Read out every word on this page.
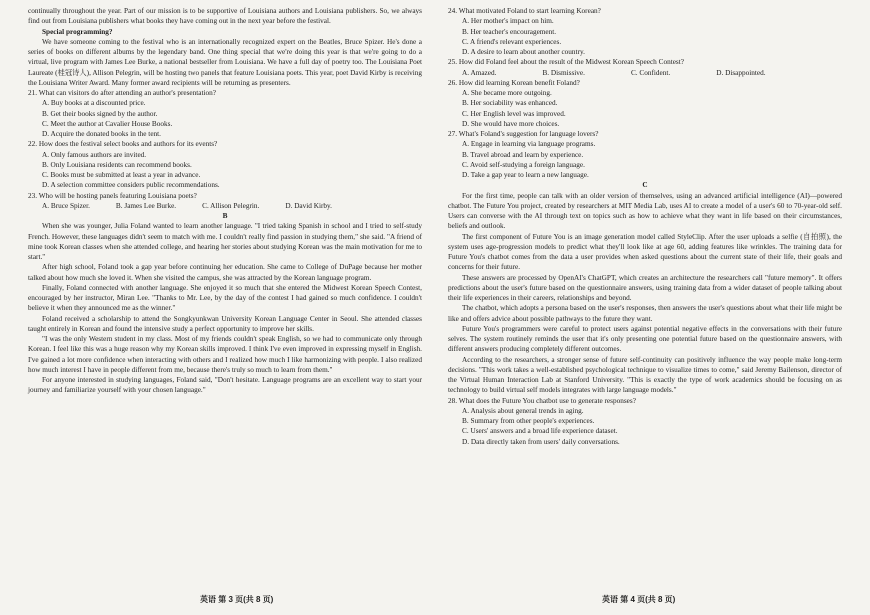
continually throughout the year. Part of our mission is to be supportive of Louisiana authors and Louisiana publishers. So, we always find out from Louisiana publishers what books they have coming out in the next year before the festival.

Special programming?

We have someone coming to the festival who is an internationally recognized expert on the Beatles, Bruce Spizer. He's done a series of books on different albums by the legendary band. One thing special that we're doing this year is that we're going to do a virtual, live program with James Lee Burke, a national bestseller from Louisiana. We have a full day of poetry too. The Louisiana Poet Laureate (桂冠诗人), Allison Pelegrin, will be hosting two panels that feature Louisiana poets. This year, poet David Kirby is receiving the Louisiana Writer Award. Many former award recipients will be returning as presenters.

21. What can visitors do after attending an author's presentation?

A. Buy books at a discounted price.

B. Get their books signed by the author.

C. Meet the author at Cavalier House Books.

D. Acquire the donated books in the tent.

22. How does the festival select books and authors for its events?

A. Only famous authors are invited.

B. Only Louisiana residents can recommend books.

C. Books must be submitted at least a year in advance.

D. A selection committee considers public recommendations.

23. Who will be hosting panels featuring Louisiana poets?

A. Bruce Spizer.	B. James Lee Burke.	C. Allison Pelegrin.	D. David Kirby.

B

When she was younger, Julia Foland wanted to learn another language. "I tried taking Spanish in school and I tried to self-study French. However, these languages didn't seem to match with me. I couldn't really find passion in studying them," she said. "A friend of mine took Korean classes when she attended college, and hearing her stories about studying Korean was the main motivation for me to start."

After high school, Foland took a gap year before continuing her education. She came to College of DuPage because her mother talked about how much she loved it. When she visited the campus, she was attracted by the Korean language program.

Finally, Foland connected with another language. She enjoyed it so much that she entered the Midwest Korean Speech Contest, encouraged by her instructor, Miran Lee. "Thanks to Mr. Lee, by the day of the contest I had gained so much confidence. I couldn't believe it when they announced me as the winner."

Foland received a scholarship to attend the Songkyunkwan University Korean Language Center in Seoul. She attended classes taught entirely in Korean and found the intensive study a perfect opportunity to improve her skills.

"I was the only Western student in my class. Most of my friends couldn't speak English, so we had to communicate only through Korean. I feel like this was a huge reason why my Korean skills improved. I think I've even improved in expressing myself in English. I've gained a lot more confidence when interacting with others and I realized how much I like harmonizing with people. I also realized how much interest I have in people different from me, because there's truly so much to learn from them."

For anyone interested in studying languages, Foland said, "Don't hesitate. Language programs are an excellent way to start your journey and familiarize yourself with your chosen language."

24. What motivated Foland to start learning Korean?

A. Her mother's impact on him.

B. Her teacher's encouragement.

C. A friend's relevant experiences.

D. A desire to learn about another country.

25. How did Foland feel about the result of the Midwest Korean Speech Contest?

A. Amazed.	B. Dismissive.	C. Confident.	D. Disappointed.

26. How did learning Korean benefit Foland?

A. She became more outgoing.

B. Her sociability was enhanced.

C. Her English level was improved.

D. She would have more choices.

27. What's Foland's suggestion for language lovers?

A. Engage in learning via language programs.

B. Travel abroad and learn by experience.

C. Avoid self-studying a foreign language.

D. Take a gap year to learn a new language.

C

For the first time, people can talk with an older version of themselves, using an advanced artificial intelligence (AI)—powered chatbot. The Future You project, created by researchers at MIT Media Lab, uses AI to create a model of a user's 60 to 70-year-old self. Users can converse with the AI through text on topics such as how to achieve what they want in life based on their circumstances, beliefs and outlook.

The first component of Future You is an image generation model called StyleClip. After the user uploads a selfie (自拍照), the system uses age-progression models to predict what they'll look like at age 60, adding features like wrinkles. The training data for Future You's chatbot comes from the data a user provides when asked questions about the current state of their life, their goals and concerns for their future.

These answers are processed by OpenAI's ChatGPT, which creates an architecture the researchers call "future memory". It offers predictions about the user's future based on the questionnaire answers, using training data from a wider dataset of people talking about their life experiences in their careers, relationships and beyond.

The chatbot, which adopts a persona based on the user's responses, then answers the user's questions about what their life might be like and offers advice about possible pathways to the future they want.

Future You's programmers were careful to protect users against potential negative effects in the conversations with their future selves. The system routinely reminds the user that it's only presenting one potential future based on the questionnaire answers, with different answers producing completely different outcomes.

According to the researchers, a stronger sense of future self-continuity can positively influence the way people make long-term decisions. "This work takes a well-established psychological technique to visualize times to come," said Jeremy Bailenson, director of the Virtual Human Interaction Lab at Stanford University. "This is exactly the type of work academics should be focusing on as technology to build virtual self models integrates with large language models."

28. What does the Future You chatbot use to generate responses?

A. Analysis about general trends in aging.

B. Summary from other people's experiences.

C. Users' answers and a broad life experience dataset.

D. Data directly taken from users' daily conversations.

英语 第 3 页(共 8 页)	英语 第 4 页(共 8 页)
